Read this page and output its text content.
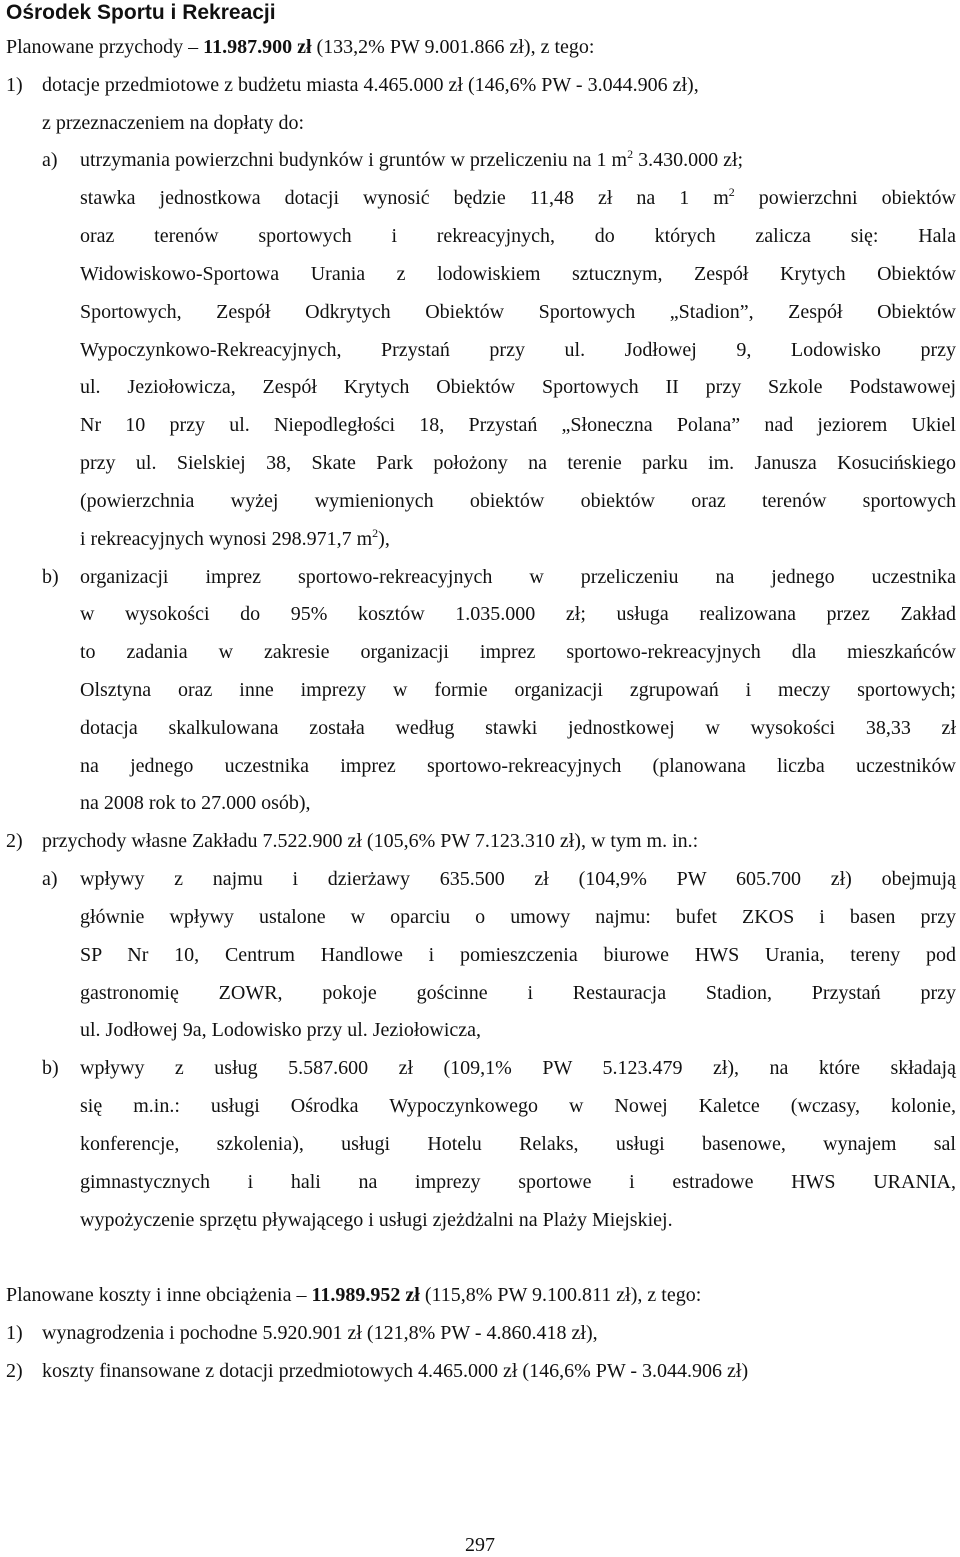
Ośrodek Sportu i Rekreacji

Planowane przychody – 11.987.900 zł (133,2% PW 9.001.866 zł), z tego:

1) dotacje przedmiotowe z budżetu miasta 4.465.000 zł (146,6% PW - 3.044.906 zł),

z przeznaczeniem na dopłaty do:

a) utrzymania powierzchni budynków i gruntów w przeliczeniu na 1 $m^2$ 3.430.000 zł;

stawka jednostkowa dotacji wynosić będzie 11,48 zł na 1 $m^2$ powierzchni obiektów

oraz terenów sportowych i rekreacyjnych, do których zalicza się: Hala

Widowiskowo-Sportowa Urania z lodowiskiem sztucznym, Zespół Krytych Obiektów

Sportowych, Zespół Odkrytych Obiektów Sportowych „Stadion”, Zespół Obiektów

Wypoczynkowo-Rekreacyjnych, Przystań przy ul. Jodłowej 9, Lodowisko przy

ul. Jeziołowicza, Zespół Krytych Obiektów Sportowych II przy Szkole Podstawowej

Nr 10 przy ul. Niepodległości 18, Przystań „Słoneczna Polana” nad jeziorem Ukiel

przy ul. Sielskiej 38, Skate Park położony na terenie parku im. Janusza Kosucińskiego

(powierzchnia wyżej wymienionych obiektów obiektów oraz terenów sportowych

i rekreacyjnych wynosi 298.971,7 $m^2$),

b) organizacji imprez sportowo-rekreacyjnych w przeliczeniu na jednego uczestnika

w wysokości do 95% kosztów 1.035.000 zł; usługa realizowana przez Zakład

to zadania w zakresie organizacji imprez sportowo-rekreacyjnych dla mieszkańców

Olsztyna oraz inne imprezy w formie organizacji zgrupowań i meczy sportowych;

dotacja skalkulowana została według stawki jednostkowej w wysokości 38,33 zł

na jednego uczestnika imprez sportowo-rekreacyjnych (planowana liczba uczestników

na 2008 rok to 27.000 osób),

2) przychody własne Zakładu 7.522.900 zł (105,6% PW 7.123.310 zł), w tym m. in.:

a) wpływy z najmu i dzierżawy 635.500 zł (104,9% PW 605.700 zł) obejmują

głównie wpływy ustalone w oparciu o umowy najmu: bufet ZKOS i basen przy

SP Nr 10, Centrum Handlowe i pomieszczenia biurowe HWS Urania, tereny pod

gastronomię ZOWR, pokoje gościnne i Restauracja Stadion, Przystań przy

ul. Jodłowej 9a, Lodowisko przy ul. Jeziołowicza,

b) wpływy z usług 5.587.600 zł (109,1% PW 5.123.479 zł), na które składają

się m.in.: usługi Ośrodka Wypoczynkowego w Nowej Kaletce (wczasy, kolonie,

konferencje, szkolenia), usługi Hotelu Relaks, usługi basenowe, wynajem sal

gimnastycznych i hali na imprezy sportowe i estradowe HWS URANIA,

wypożyczenie sprzętu pływającego i usługi zjeżdżalni na Plaży Miejskiej.

Planowane koszty i inne obciążenia – 11.989.952 zł (115,8% PW 9.100.811 zł), z tego:

1) wynagrodzenia i pochodne 5.920.901 zł (121,8% PW - 4.860.418 zł),

2) koszty finansowane z dotacji przedmiotowych 4.465.000 zł (146,6% PW - 3.044.906 zł)

297
